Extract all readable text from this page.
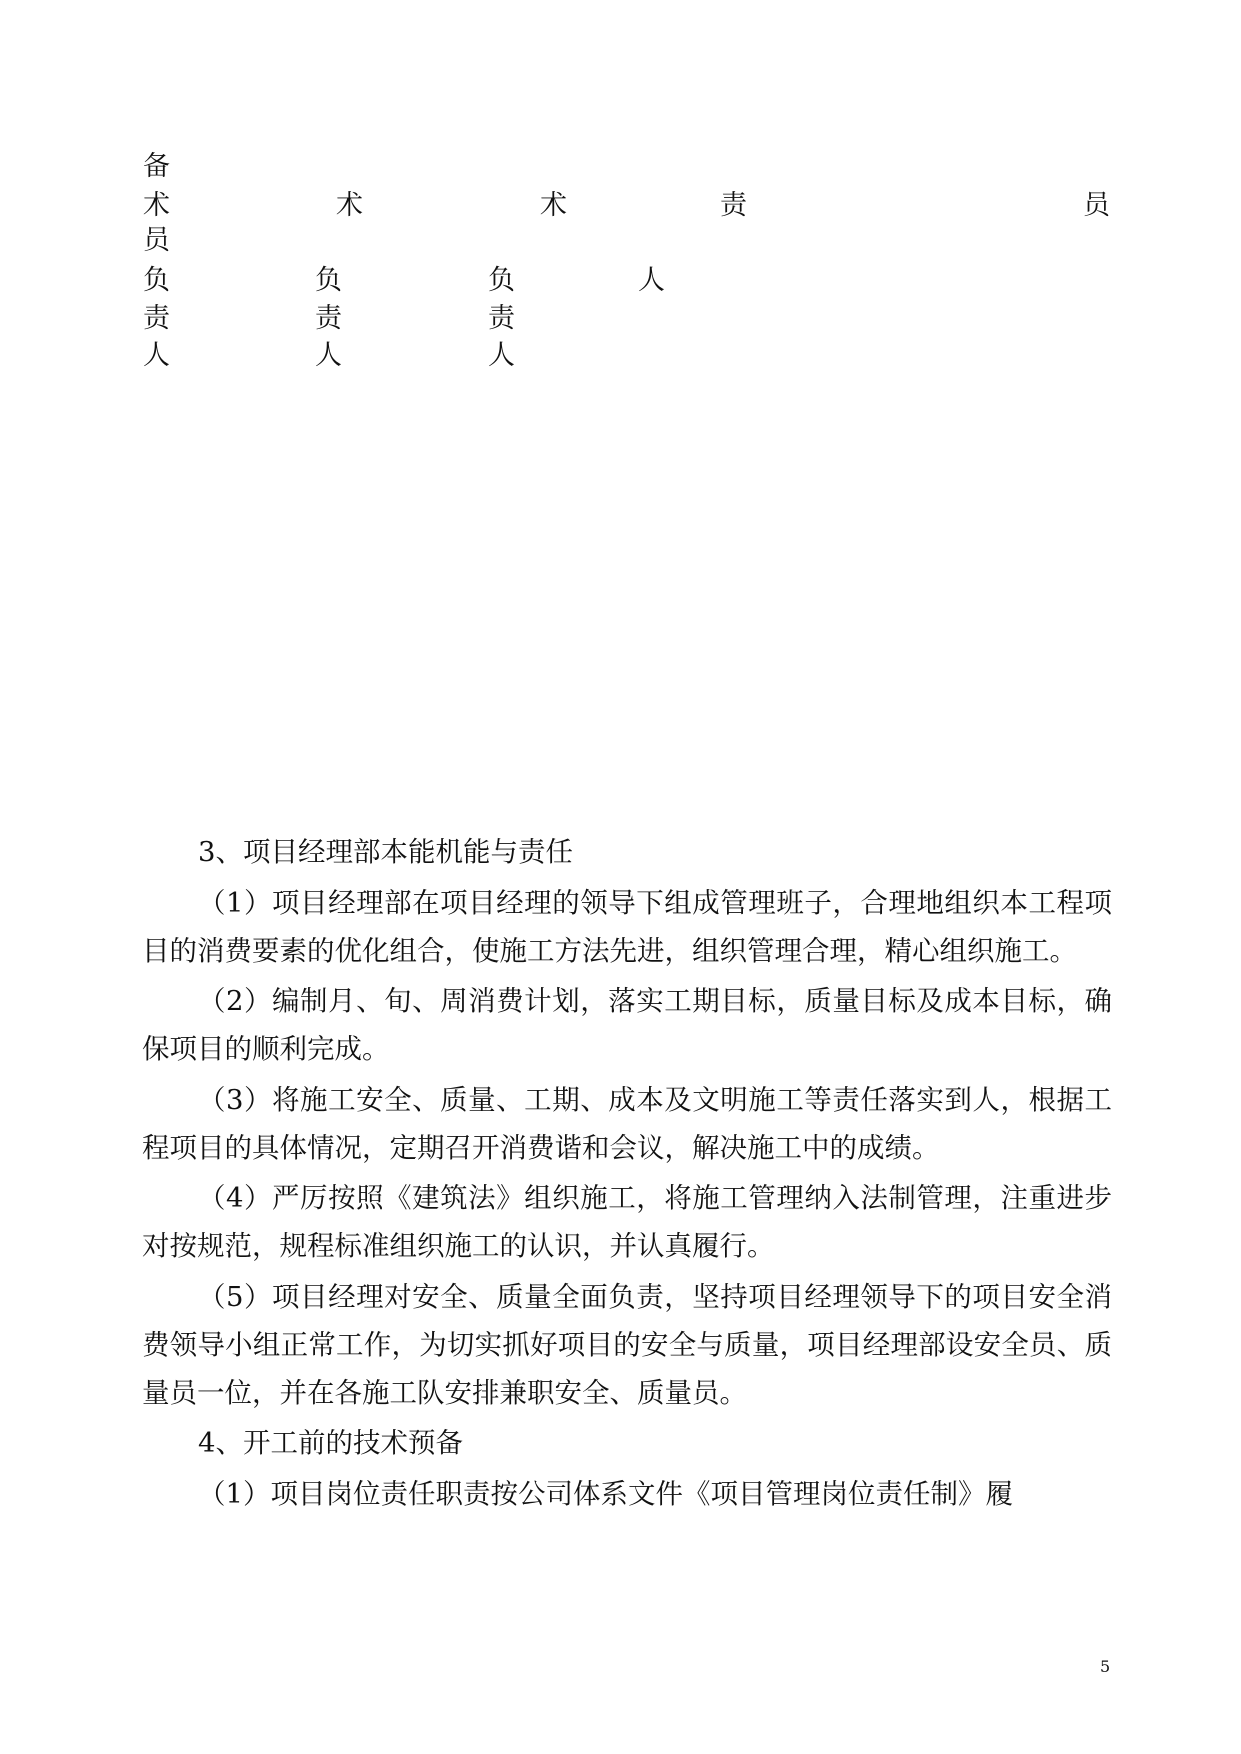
备
术
员
负
责
人
术
负
责
人
术
负
责
人
责
人
员

3、项目经理部本能机能与责任

（1）项目经理部在项目经理的领导下组成管理班子，合理地组织本工程项目的消费要素的优化组合，使施工方法先进，组织管理合理，精心组织施工。

（2）编制月、旬、周消费计划，落实工期目标，质量目标及成本目标，确保项目的顺利完成。

（3）将施工安全、质量、工期、成本及文明施工等责任落实到人，根据工程项目的具体情况，定期召开消费谐和会议，解决施工中的成绩。

（4）严厉按照《建筑法》组织施工，将施工管理纳入法制管理，注重进步对按规范，规程标准组织施工的认识，并认真履行。

（5）项目经理对安全、质量全面负责，坚持项目经理领导下的项目安全消费领导小组正常工作，为切实抓好项目的安全与质量，项目经理部设安全员、质量员一位，并在各施工队安排兼职安全、质量员。

4、开工前的技术预备

（1）项目岗位责任职责按公司体系文件《项目管理岗位责任制》履

5
